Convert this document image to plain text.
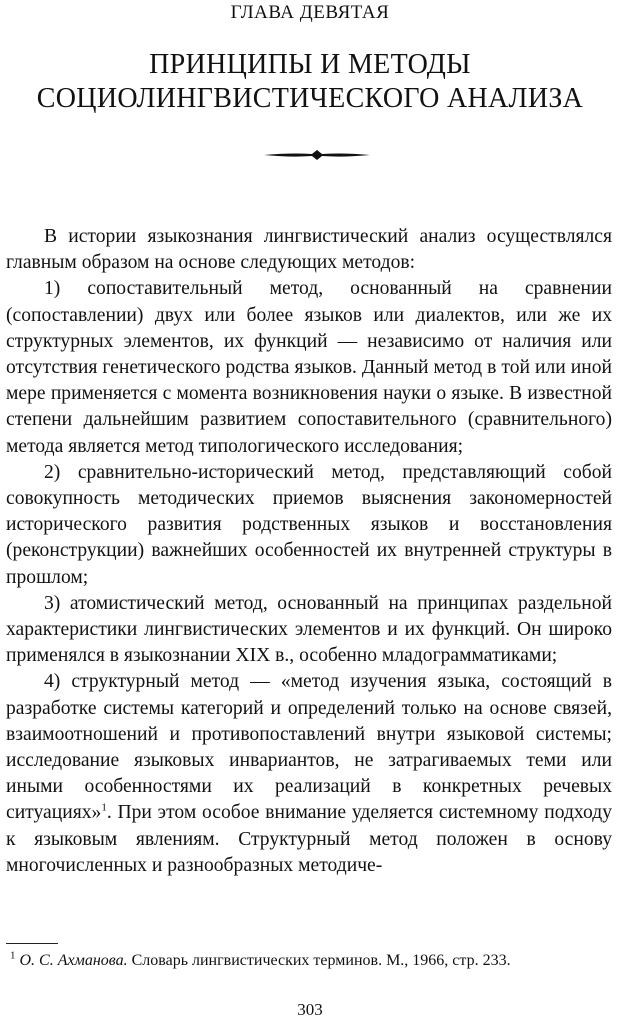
ГЛАВА ДЕВЯТАЯ
ПРИНЦИПЫ И МЕТОДЫ
СОЦИОЛИНГВИСТИЧЕСКОГО АНАЛИЗА

В истории языкознания лингвистический анализ осуществлялся главным образом на основе следующих методов:

1) сопоставительный метод, основанный на сравнении (сопоставлении) двух или более языков или диалектов, или же их структурных элементов, их функций — независимо от наличия или отсутствия генетического родства языков. Данный метод в той или иной мере применяется с момента возникновения науки о языке. В известной степени дальнейшим развитием сопоставительного (сравнительного) метода является метод типологического исследования;

2) сравнительно-исторический метод, представляющий собой совокупность методических приемов выяснения закономерностей исторического развития родственных языков и восстановления (реконструкции) важнейших особенностей их внутренней структуры в прошлом;

3) атомистический метод, основанный на принципах раздельной характеристики лингвистических элементов и их функций. Он широко применялся в языкознании XIX в., особенно младограмматиками;

4) структурный метод — «метод изучения языка, состоящий в разработке системы категорий и определений только на основе связей, взаимоотношений и противопоставлений внутри языковой системы; исследование языковых инвариантов, не затрагиваемых теми или иными особенностями их реализаций в конкретных речевых ситуациях»$^1$. При этом особое внимание уделяется системному подходу к языковым явлениям. Структурный метод положен в основу многочисленных и разнообразных методиче-

$^1$ О. С. Ахманова. Словарь лингвистических терминов. М., 1966, стр. 233.
303
